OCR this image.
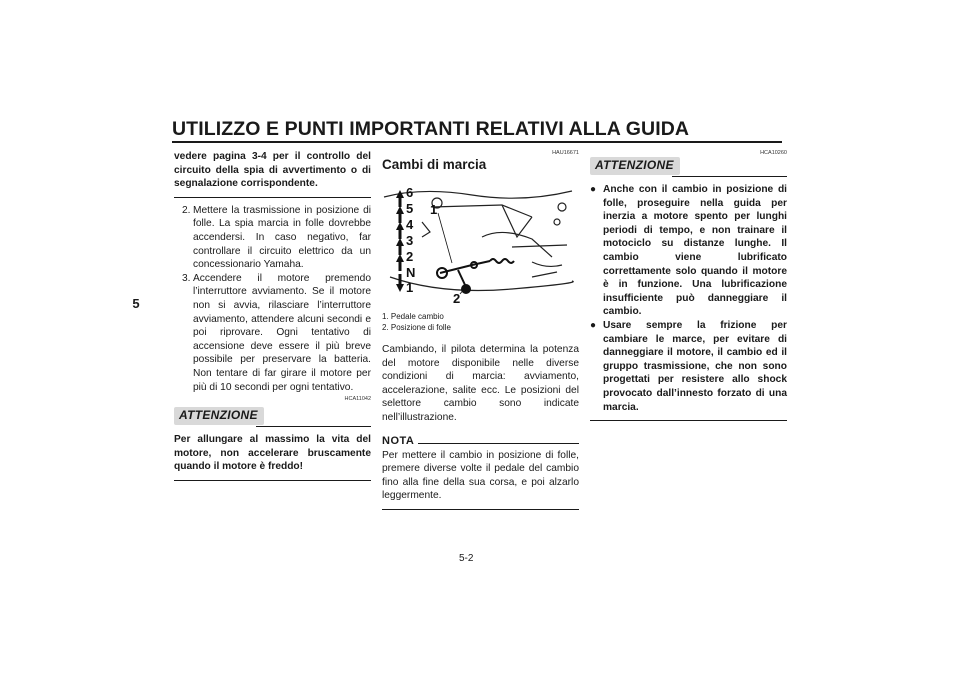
UTILIZZO E PUNTI IMPORTANTI RELATIVI ALLA GUIDA
5
vedere pagina 3-4 per il controllo del circuito della spia di avvertimento o di segnalazione corrispondente.
2. Mettere la trasmissione in posizione di folle. La spia marcia in folle dovrebbe accendersi. In caso negativo, far controllare il circuito elettrico da un concessionario Yamaha.
3. Accendere il motore premendo l’interruttore avviamento. Se il motore non si avvia, rilasciare l’interruttore avviamento, attendere alcuni secondi e poi riprovare. Ogni tentativo di accensione deve essere il più breve possibile per preservare la batteria. Non tentare di far girare il motore per più di 10 secondi per ogni tentativo.
HCA11042
ATTENZIONE
Per allungare al massimo la vita del motore, non accelerare bruscamente quando il motore è freddo!
HAU16671
Cambi di marcia
6
5
4
3
2
N
1
1
2
1. Pedale cambio
2. Posizione di folle
Cambiando, il pilota determina la potenza del motore disponibile nelle diverse condizioni di marcia: avviamento, accelerazione, salite ecc. Le posizioni del selettore cambio sono indicate nell’illustrazione.
NOTA
Per mettere il cambio in posizione di folle, premere diverse volte il pedale del cambio fino alla fine della sua corsa, e poi alzarlo leggermente.
HCA10260
ATTENZIONE
● Anche con il cambio in posizione di folle, proseguire nella guida per inerzia a motore spento per lunghi periodi di tempo, e non trainare il motociclo su distanze lunghe. Il cambio viene lubrificato correttamente solo quando il motore è in funzione. Una lubrificazione insufficiente può danneggiare il cambio.
● Usare sempre la frizione per cambiare le marce, per evitare di danneggiare il motore, il cambio ed il gruppo trasmissione, che non sono progettati per resistere allo shock provocato dall’innesto forzato di una marcia.
5-2
